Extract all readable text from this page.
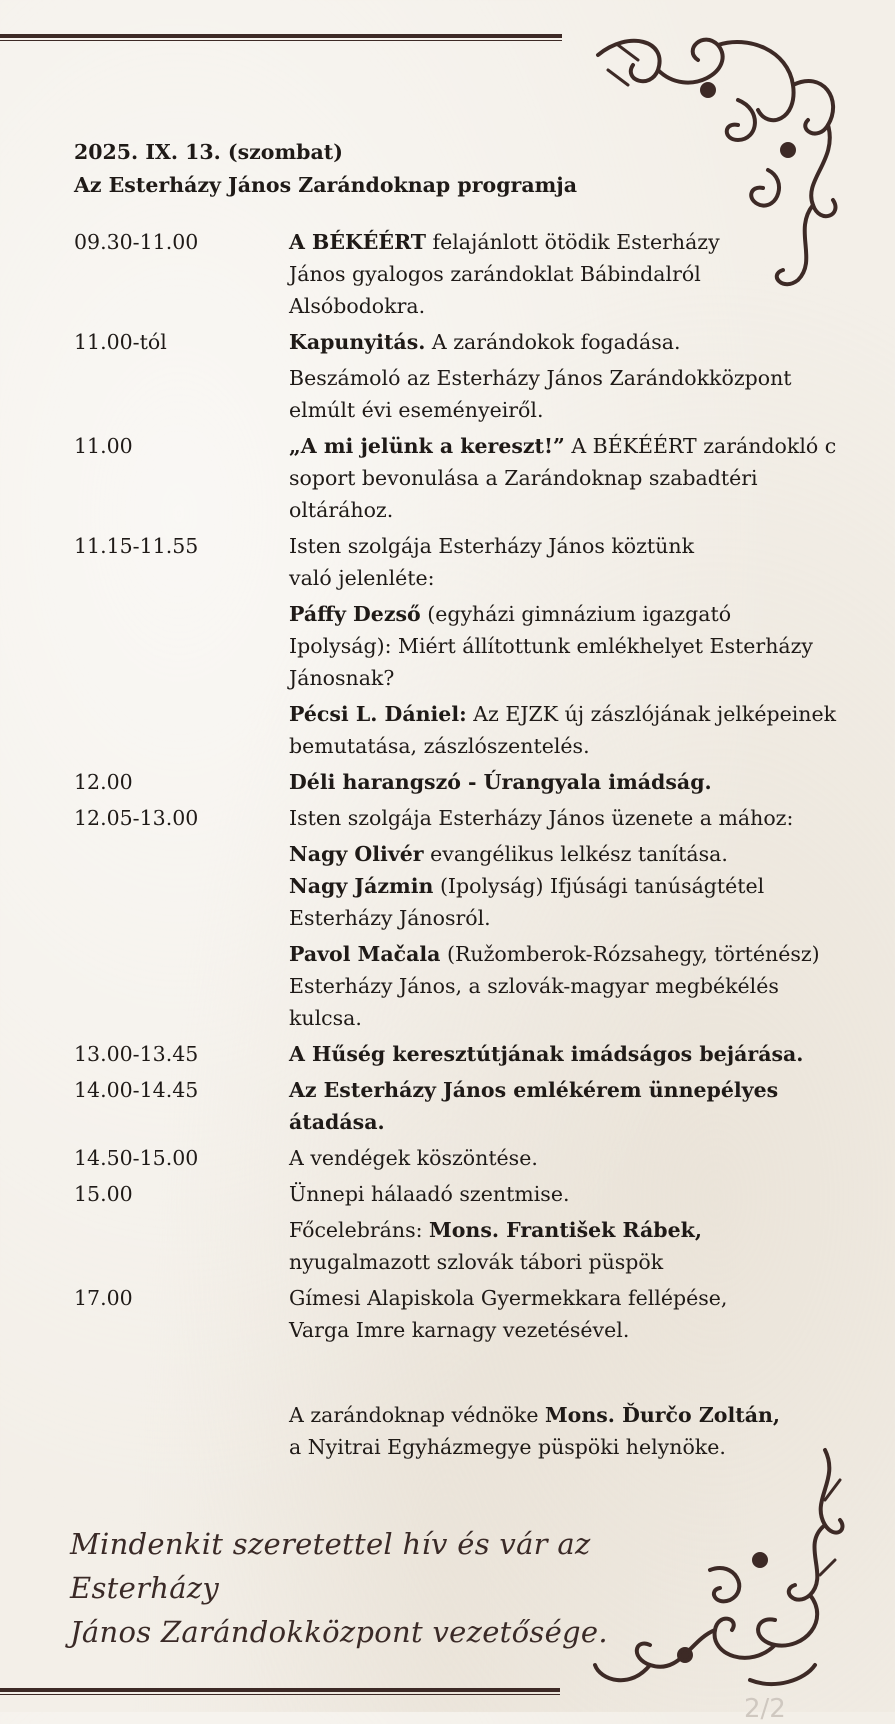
2025. IX. 13. (szombat)
Az Esterházy János Zarándoknap programja
09.30-11.00	A BÉKÉÉRT felajánlott ötödik Esterházy
János gyalogos zarándoklat Bábindalról
Alsóbodokra.

11.00-tól	Kapunyitás. A zarándokok fogadása.

Beszámoló az Esterházy János Zarándokközpont
elmúlt évi eseményeiről.

11.00	„A mi jelünk a kereszt!” A BÉKÉÉRT zarándokló c
soport bevonulása a Zarándoknap szabadtéri
oltárához.

11.15-11.55	Isten szolgája Esterházy János köztünk
való jelenléte:

Páffy Dezső (egyházi gimnázium igazgató
Ipolyság): Miért állítottunk emlékhelyet Esterházy
Jánosnak?

Pécsi L. Dániel: Az EJZK új zászlójának jelképeinek
bemutatása, zászlószentelés.

12.00	Déli harangszó - Úrangyala imádság.

12.05-13.00	Isten szolgája Esterházy János üzenete a mához:

Nagy Olivér evangélikus lelkész tanítása.
Nagy Jázmin (Ipolyság) Ifjúsági tanúságtétel
Esterházy Jánosról.

Pavol Mačala (Ružomberok-Rózsahegy, történész)
Esterházy János, a szlovák-magyar megbékélés
kulcsa.

13.00-13.45	A Hűség keresztútjának imádságos bejárása.

14.00-14.45	Az Esterházy János emlékérem ünnepélyes
átadása.

14.50-15.00	A vendégek köszöntése.

15.00	Ünnepi hálaadó szentmise.

Főcelebráns: Mons. František Rábek,
nyugalmazott szlovák tábori püspök

17.00	Gímesi Alapiskola Gyermekkara fellépése,
Varga Imre karnagy vezetésével.

A zarándoknap védnöke Mons. Ďurčo Zoltán,
a Nyitrai Egyházmegye püspöki helynöke.
Mindenkit szeretettel hív és vár az Esterházy
János Zarándokközpont vezetősége.
2/2
